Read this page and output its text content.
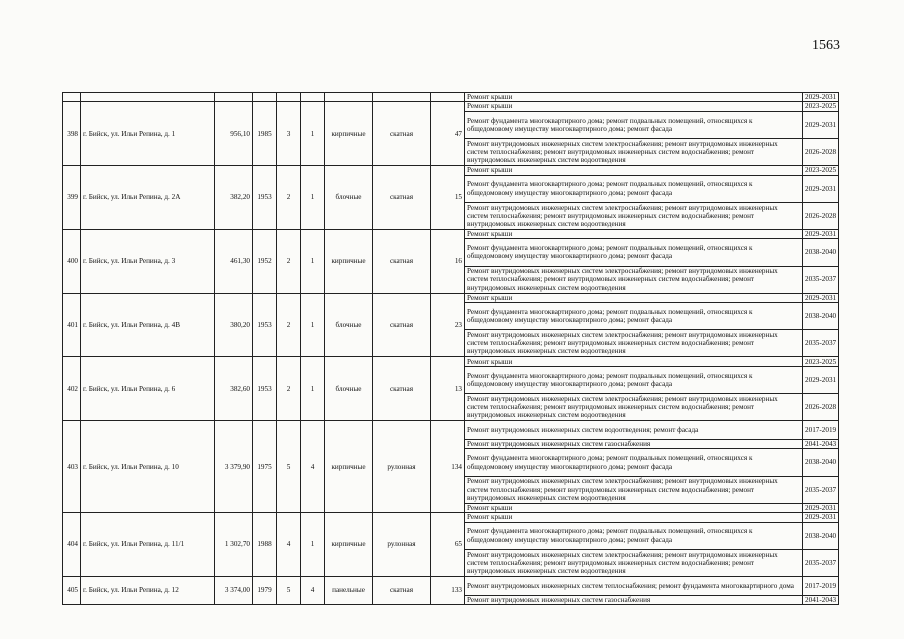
1563
									Ремонт крыши	2029-2031
398	г. Бийск, ул. Ильи Репина, д. 1	956,10	1985	3	1	кирпичные	скатная	47	Ремонт крыши	2023-2025
									Ремонт фундамента многоквартирного дома; ремонт подвальных помещений, относящихся к общедомовому имуществу многоквартирного дома; ремонт фасада	2029-2031
									Ремонт внутридомовых инженерных систем электроснабжения; ремонт внутридомовых инженерных систем теплоснабжения; ремонт внутридомовых инженерных систем водоснабжения; ремонт внутридомовых инженерных систем водоотведения	2026-2028
399	г. Бийск, ул. Ильи Репина, д. 2А	382,20	1953	2	1	блочные	скатная	15	Ремонт крыши	2023-2025
									Ремонт фундамента многоквартирного дома; ремонт подвальных помещений, относящихся к общедомовому имуществу многоквартирного дома; ремонт фасада	2029-2031
									Ремонт внутридомовых инженерных систем электроснабжения; ремонт внутридомовых инженерных систем теплоснабжения; ремонт внутридомовых инженерных систем водоснабжения; ремонт внутридомовых инженерных систем водоотведения	2026-2028
400	г. Бийск, ул. Ильи Репина, д. 3	461,30	1952	2	1	кирпичные	скатная	16	Ремонт крыши	2029-2031
									Ремонт фундамента многоквартирного дома; ремонт подвальных помещений, относящихся к общедомовому имуществу многоквартирного дома; ремонт фасада	2038-2040
									Ремонт внутридомовых инженерных систем электроснабжения; ремонт внутридомовых инженерных систем теплоснабжения; ремонт внутридомовых инженерных систем водоснабжения; ремонт внутридомовых инженерных систем водоотведения	2035-2037
401	г. Бийск, ул. Ильи Репина, д. 4В	380,20	1953	2	1	блочные	скатная	23	Ремонт крыши	2029-2031
									Ремонт фундамента многоквартирного дома; ремонт подвальных помещений, относящихся к общедомовому имуществу многоквартирного дома; ремонт фасада	2038-2040
									Ремонт внутридомовых инженерных систем электроснабжения; ремонт внутридомовых инженерных систем теплоснабжения; ремонт внутридомовых инженерных систем водоснабжения; ремонт внутридомовых инженерных систем водоотведения	2035-2037
402	г. Бийск, ул. Ильи Репина, д. 6	382,60	1953	2	1	блочные	скатная	13	Ремонт крыши	2023-2025
									Ремонт фундамента многоквартирного дома; ремонт подвальных помещений, относящихся к общедомовому имуществу многоквартирного дома; ремонт фасада	2029-2031
									Ремонт внутридомовых инженерных систем электроснабжения; ремонт внутридомовых инженерных систем теплоснабжения; ремонт внутридомовых инженерных систем водоснабжения; ремонт внутридомовых инженерных систем водоотведения	2026-2028
403	г. Бийск, ул. Ильи Репина, д. 10	3 379,90	1975	5	4	кирпичные	рулонная	134	Ремонт внутридомовых инженерных систем водоотведения; ремонт фасада	2017-2019
									Ремонт внутридомовых инженерных систем газоснабжения	2041-2043
									Ремонт фундамента многоквартирного дома; ремонт подвальных помещений, относящихся к общедомовому имуществу многоквартирного дома; ремонт фасада	2038-2040
									Ремонт внутридомовых инженерных систем электроснабжения; ремонт внутридомовых инженерных систем теплоснабжения; ремонт внутридомовых инженерных систем водоснабжения; ремонт внутридомовых инженерных систем водоотведения	2035-2037
									Ремонт крыши	2029-2031
404	г. Бийск, ул. Ильи Репина, д. 11/1	1 302,70	1988	4	1	кирпичные	рулонная	65	Ремонт крыши	2029-2031
									Ремонт фундамента многоквартирного дома; ремонт подвальных помещений, относящихся к общедомовому имуществу многоквартирного дома; ремонт фасада	2038-2040
									Ремонт внутридомовых инженерных систем электроснабжения; ремонт внутридомовых инженерных систем теплоснабжения; ремонт внутридомовых инженерных систем водоснабжения; ремонт внутридомовых инженерных систем водоотведения	2035-2037
405	г. Бийск, ул. Ильи Репина, д. 12	3 374,00	1979	5	4	панельные	скатная	133	Ремонт внутридомовых инженерных систем теплоснабжения; ремонт фундамента многоквартирного дома	2017-2019
									Ремонт внутридомовых инженерных систем газоснабжения	2041-2043
